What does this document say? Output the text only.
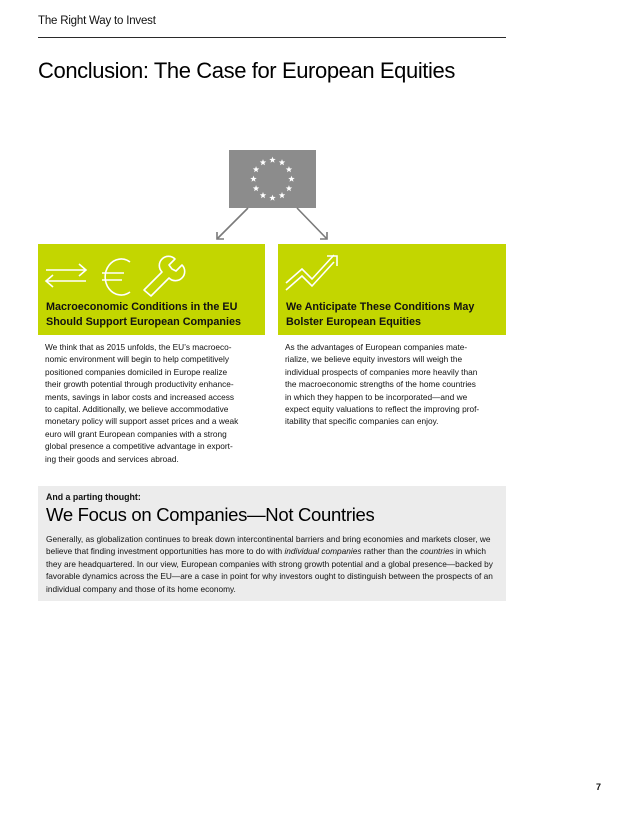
The Right Way to Invest
Conclusion: The Case for European Equities

Macroeconomic Conditions in the EU
Should Support European Companies

We Anticipate These Conditions May
Bolster European Equities

We think that as 2015 unfolds, the EU’s macroeco-
nomic environment will begin to help competitively
positioned companies domiciled in Europe realize
their growth potential through productivity enhance-
ments, savings in labor costs and increased access
to capital. Additionally, we believe accommodative
monetary policy will support asset prices and a weak
euro will grant European companies with a strong
global presence a competitive advantage in export-
ing their goods and services abroad.

As the advantages of European companies mate-
rialize, we believe equity investors will weigh the
individual prospects of companies more heavily than
the macroeconomic strengths of the home countries
in which they happen to be incorporated—and we
expect equity valuations to reflect the improving prof-
itability that specific companies can enjoy.

And a parting thought:

We Focus on Companies—Not Countries

Generally, as globalization continues to break down intercontinental barriers and bring economies and markets closer, we believe that finding investment opportunities has more to do with individual companies rather than the countries in which they are headquartered. In our view, European companies with strong growth potential and a global presence—backed by favorable dynamics across the EU—are a case in point for why investors ought to distinguish between the prospects of an individual company and those of its home economy.

7
